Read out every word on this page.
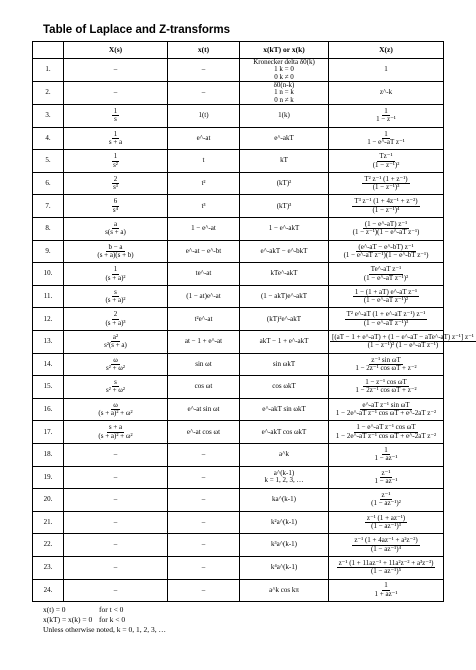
Table of Laplace and Z-transforms
	X(s)	x(t)	x(kT) or x(k)	X(z)
1.	–	–	Kronecker delta δ0(k)
1 k = 0
0 k ≠ 0	1
2.	–	–	δ0(n-k)
1 n = k
0 n ≠ k	z^-k
3.	$\frac{1}{s}$	1(t)	1(k)	$\frac{1}{\text{1 − z⁻¹}}$

4.	$\frac{1}{s + a}$	e^-at	e^-akT	$\frac{1}{\text{1 − e\textasciicircum{}-aT z⁻¹}}$

5.	$\frac{1}{\text{s²}}$	t	kT	$\frac{\text{Tz⁻¹}}{\text{(1 − z⁻¹)²}}$

6.	$\frac{2}{\text{s³}}$	t²	(kT)²	$\frac{\text{T² z⁻¹ (1 + z⁻¹)}}{\text{(1 − z⁻¹)³}}$

7.	$\frac{6}{\text{s⁴}}$	t³	(kT)³	$\frac{\text{T³ z⁻¹ (1 + 4z⁻¹ + z⁻²)}}{\text{(1 − z⁻¹)⁴}}$

8.	$\frac{a}{s(s + a)}$	1 − e^-at	1 − e^-akT	$\frac{\text{(1 − e\textasciicircum{}-aT) z⁻¹}}{\text{(1 − z⁻¹)(1 − e\textasciicircum{}-aT z⁻¹)}}$

9.	$\frac{b - a}{(s + a)(s + b)}$	e^-at − e^-bt	e^-akT − e^-bkT	$\frac{\text{(e\textasciicircum{}-aT − e\textasciicircum{}-bT) z⁻¹}}{\text{(1 − e\textasciicircum{}-aT z⁻¹)(1 − e\textasciicircum{}-bT z⁻¹)}}$

10.	$\frac{1}{\text{(s + a)²}}$	te^-at	kTe^-akT	$\frac{\text{Te\textasciicircum{}-aT z⁻¹}}{\text{(1 − e\textasciicircum{}-aT z⁻¹)²}}$

11.	$\frac{s}{\text{(s + a)²}}$	(1 − at)e^-at	(1 − akT)e^-akT	$\frac{\text{1 − (1 + aT) e\textasciicircum{}-aT z⁻¹}}{\text{(1 − e\textasciicircum{}-aT z⁻¹)²}}$

12.	$\frac{2}{\text{(s + a)³}}$	t²e^-at	(kT)²e^-akT	$\frac{\text{T² e\textasciicircum{}-aT (1 + e\textasciicircum{}-aT z⁻¹) z⁻¹}}{\text{(1 − e\textasciicircum{}-aT z⁻¹)³}}$

13.	$\frac{\text{a²}}{\text{s²(s + a)}}$	at − 1 + e^-at	akT − 1 + e^-akT	$\frac{\text{[(aT − 1 + e\textasciicircum{}-aT) + (1 − e\textasciicircum{}-aT − aTe\textasciicircum{}-aT) z⁻¹] z⁻¹}}{\text{(1 − z⁻¹)² (1 − e\textasciicircum{}-aT z⁻¹)}}$

14.	$\frac{\omega}{\text{s² + ω²}}$	sin ωt	sin ωkT	$\frac{\text{z⁻¹ sin ωT}}{\text{1 − 2z⁻¹ cos ωT + z⁻²}}$

15.	$\frac{s}{\text{s² + ω²}}$	cos ωt	cos ωkT	$\frac{\text{1 − z⁻¹ cos ωT}}{\text{1 − 2z⁻¹ cos ωT + z⁻²}}$

16.	$\frac{\omega}{\text{(s + a)² + ω²}}$	e^-at sin ωt	e^-akT sin ωkT	$\frac{\text{e\textasciicircum{}-aT z⁻¹ sin ωT}}{\text{1 − 2e\textasciicircum{}-aT z⁻¹ cos ωT + e\textasciicircum{}-2aT z⁻²}}$

17.	$\frac{s + a}{\text{(s + a)² + ω²}}$	e^-at cos ωt	e^-akT cos ωkT	$\frac{\text{1 − e\textasciicircum{}-aT z⁻¹ cos ωT}}{\text{1 − 2e\textasciicircum{}-aT z⁻¹ cos ωT + e\textasciicircum{}-2aT z⁻²}}$

18.	–	–	a^k	$\frac{1}{\text{1 − az⁻¹}}$

19.	–	–	a^(k-1)
k = 1, 2, 3, …	$\frac{\text{z⁻¹}}{\text{1 − az⁻¹}}$

20.	–	–	ka^(k-1)	$\frac{\text{z⁻¹}}{\text{(1 − az⁻¹)²}}$

21.	–	–	k²a^(k-1)	$\frac{\text{z⁻¹ (1 + az⁻¹)}}{\text{(1 − az⁻¹)³}}$

22.	–	–	k³a^(k-1)	$\frac{\text{z⁻¹ (1 + 4az⁻¹ + a²z⁻²)}}{\text{(1 − az⁻¹)⁴}}$

23.	–	–	k⁴a^(k-1)	$\frac{\text{z⁻¹ (1 + 11az⁻¹ + 11a²z⁻² + a³z⁻³)}}{\text{(1 − az⁻¹)⁵}}$

24.	–	–	a^k cos kπ	$\frac{1}{\text{1 + az⁻¹}}$
x(t) = 0	for t < 0
x(kT) = x(k) = 0 for k < 0
Unless otherwise noted, k = 0, 1, 2, 3, …
